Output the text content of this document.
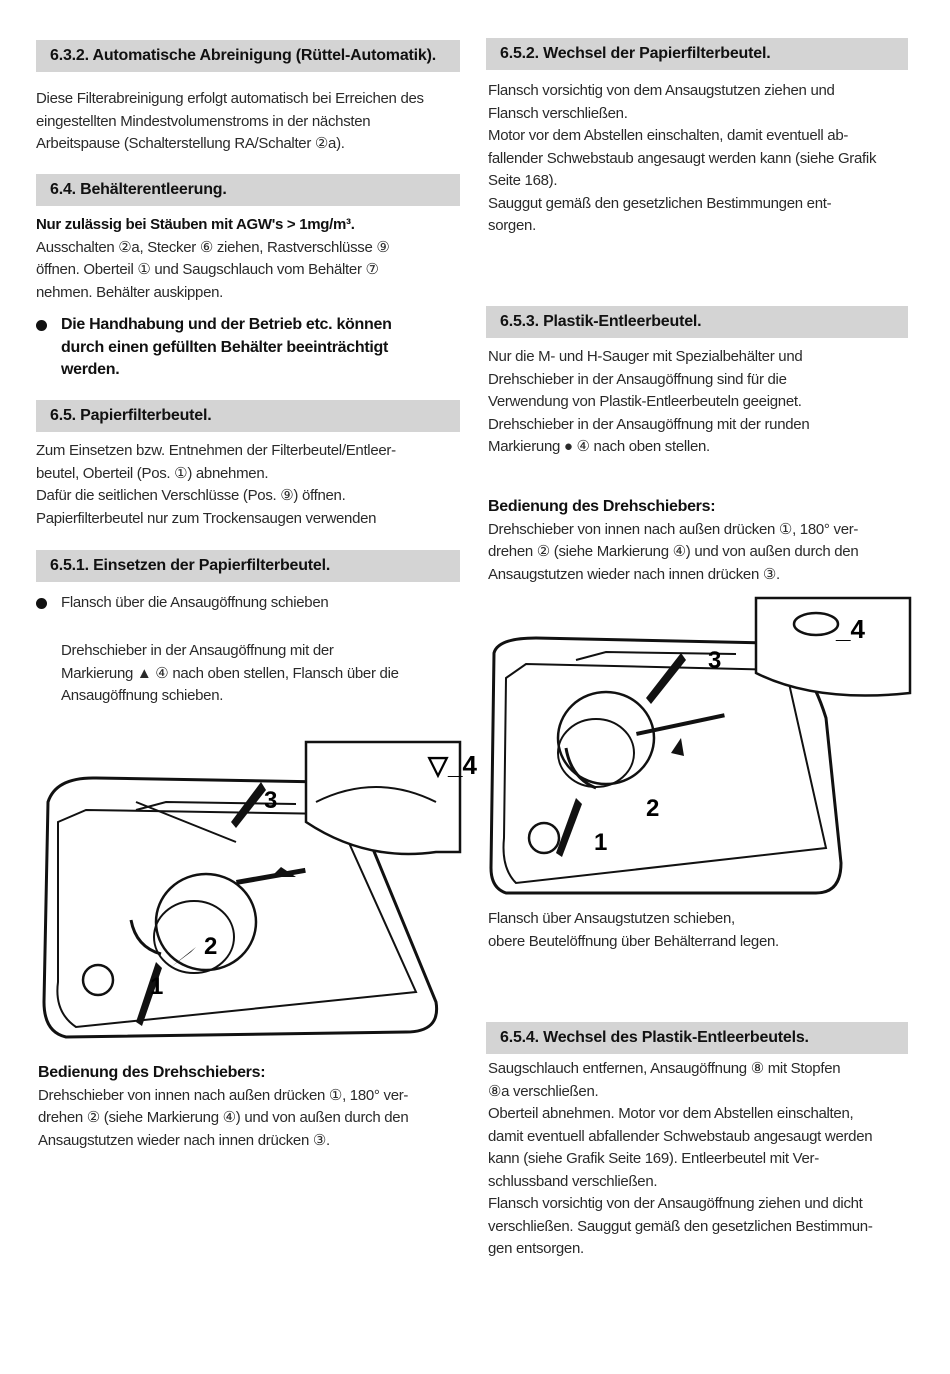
6.3.2. Automatische Abreinigung (Rüttel-Automatik).
Diese Filterabreinigung erfolgt automatisch bei Erreichen des
eingestellten Mindestvolumenstroms in der nächsten
Arbeitspause (Schalterstellung RA/Schalter ②a).
6.4. Behälterentleerung.
Nur zulässig bei Stäuben mit AGW's > 1mg/m³.
Ausschalten ②a, Stecker ⑥ ziehen, Rastverschlüsse ⑨
öffnen. Oberteil ① und Saugschlauch vom Behälter ⑦
nehmen. Behälter auskippen.
Die Handhabung und der Betrieb etc. können
durch einen gefüllten Behälter beeinträchtigt
werden.
6.5. Papierfilterbeutel.
Zum Einsetzen bzw. Entnehmen der Filterbeutel/Entleer-
beutel, Oberteil (Pos. ①) abnehmen.
Dafür die seitlichen Verschlüsse (Pos. ⑨) öffnen.
Papierfilterbeutel nur zum Trockensaugen verwenden
6.5.1. Einsetzen der Papierfilterbeutel.
Flansch über die Ansaugöffnung schieben
Drehschieber in der Ansaugöffnung mit der
Markierung ▲ ④ nach oben stellen, Flansch über die
Ansaugöffnung schieben.
▽_4
3
2
1
Bedienung des Drehschiebers:
Drehschieber von innen nach außen drücken ①, 180° ver-
drehen ② (siehe Markierung ④) und von außen durch den
Ansaugstutzen wieder nach innen drücken ③.
6.5.2. Wechsel der Papierfilterbeutel.
Flansch vorsichtig von dem Ansaugstutzen ziehen und
Flansch verschließen.
Motor vor dem Abstellen einschalten, damit eventuell ab-
fallender Schwebstaub angesaugt werden kann (siehe Grafik
Seite 168).
Sauggut gemäß den gesetzlichen Bestimmungen ent-
sorgen.
6.5.3. Plastik-Entleerbeutel.
Nur die M- und H-Sauger mit Spezialbehälter und
Drehschieber in der Ansaugöffnung sind für die
Verwendung von Plastik-Entleerbeuteln geeignet.
Drehschieber in der Ansaugöffnung mit der runden
Markierung ● ④ nach oben stellen.
Bedienung des Drehschiebers:
Drehschieber von innen nach außen drücken ①, 180° ver-
drehen ② (siehe Markierung ④) und von außen durch den
Ansaugstutzen wieder nach innen drücken ③.
_4
3
2
1
Flansch über Ansaugstutzen schieben,
obere Beutelöffnung über Behälterrand legen.
6.5.4. Wechsel des Plastik-Entleerbeutels.
Saugschlauch entfernen, Ansaugöffnung ⑧ mit Stopfen
⑧a verschließen.
Oberteil abnehmen. Motor vor dem Abstellen einschalten,
damit eventuell abfallender Schwebstaub angesaugt werden
kann (siehe Grafik Seite 169). Entleerbeutel mit Ver-
schlussband verschließen.
Flansch vorsichtig von der Ansaugöffnung ziehen und dicht
verschließen. Sauggut gemäß den gesetzlichen Bestimmun-
gen entsorgen.
